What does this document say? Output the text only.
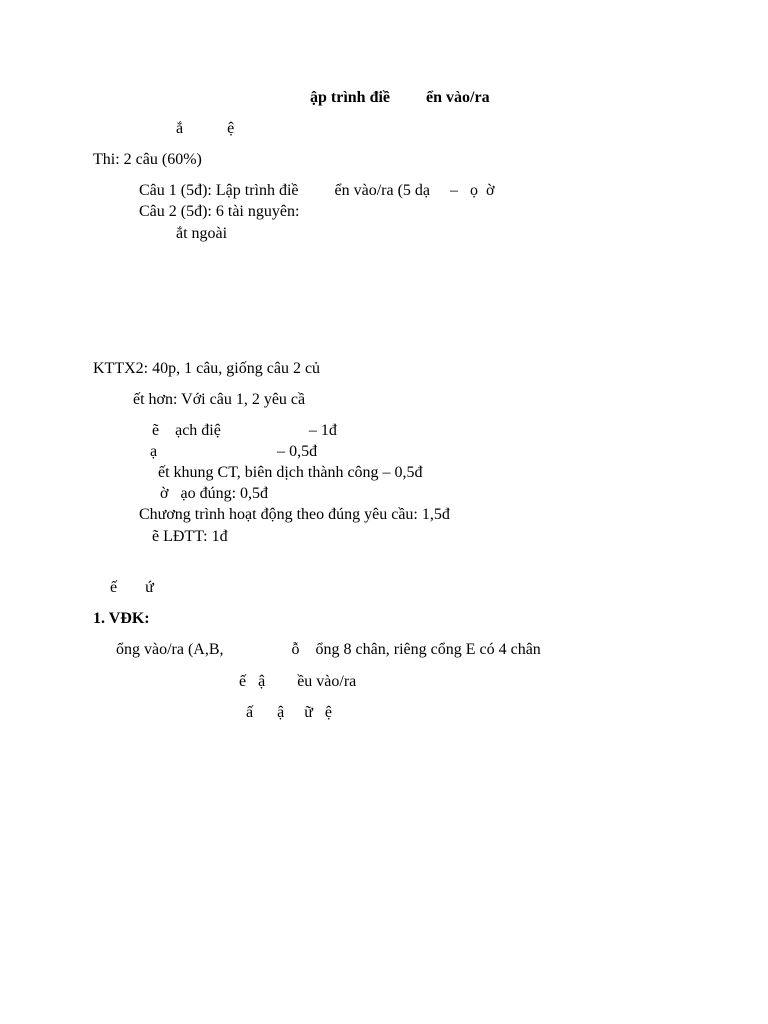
ập trình điề         ển vào/ra
ắ           ệ
Thi: 2 câu (60%)
Câu 1 (5đ): Lập trình điề         ển vào/ra (5 dạ     –   ọ  ờ
Câu 2 (5đ): 6 tài nguyên:
ắt ngoài
KTTX2: 40p, 1 câu, giống câu 2 củ
ết hơn: Với câu 1, 2 yêu cầ
ẽ    ạch điệ                      – 1đ
ạ                              – 0,5đ
ết khung CT, biên dịch thành công – 0,5đ
ờ   ạo đúng: 0,5đ
Chương trình hoạt động theo đúng yêu cầu: 1,5đ
ẽ LĐTT: 1đ
ế       ứ
1. VĐK:
ổng vào/ra (A,B,                 ỗ    ổng 8 chân, riêng cổng E có 4 chân
ế   ậ        ều vào/ra
ấ      ậ     ữ   ệ
